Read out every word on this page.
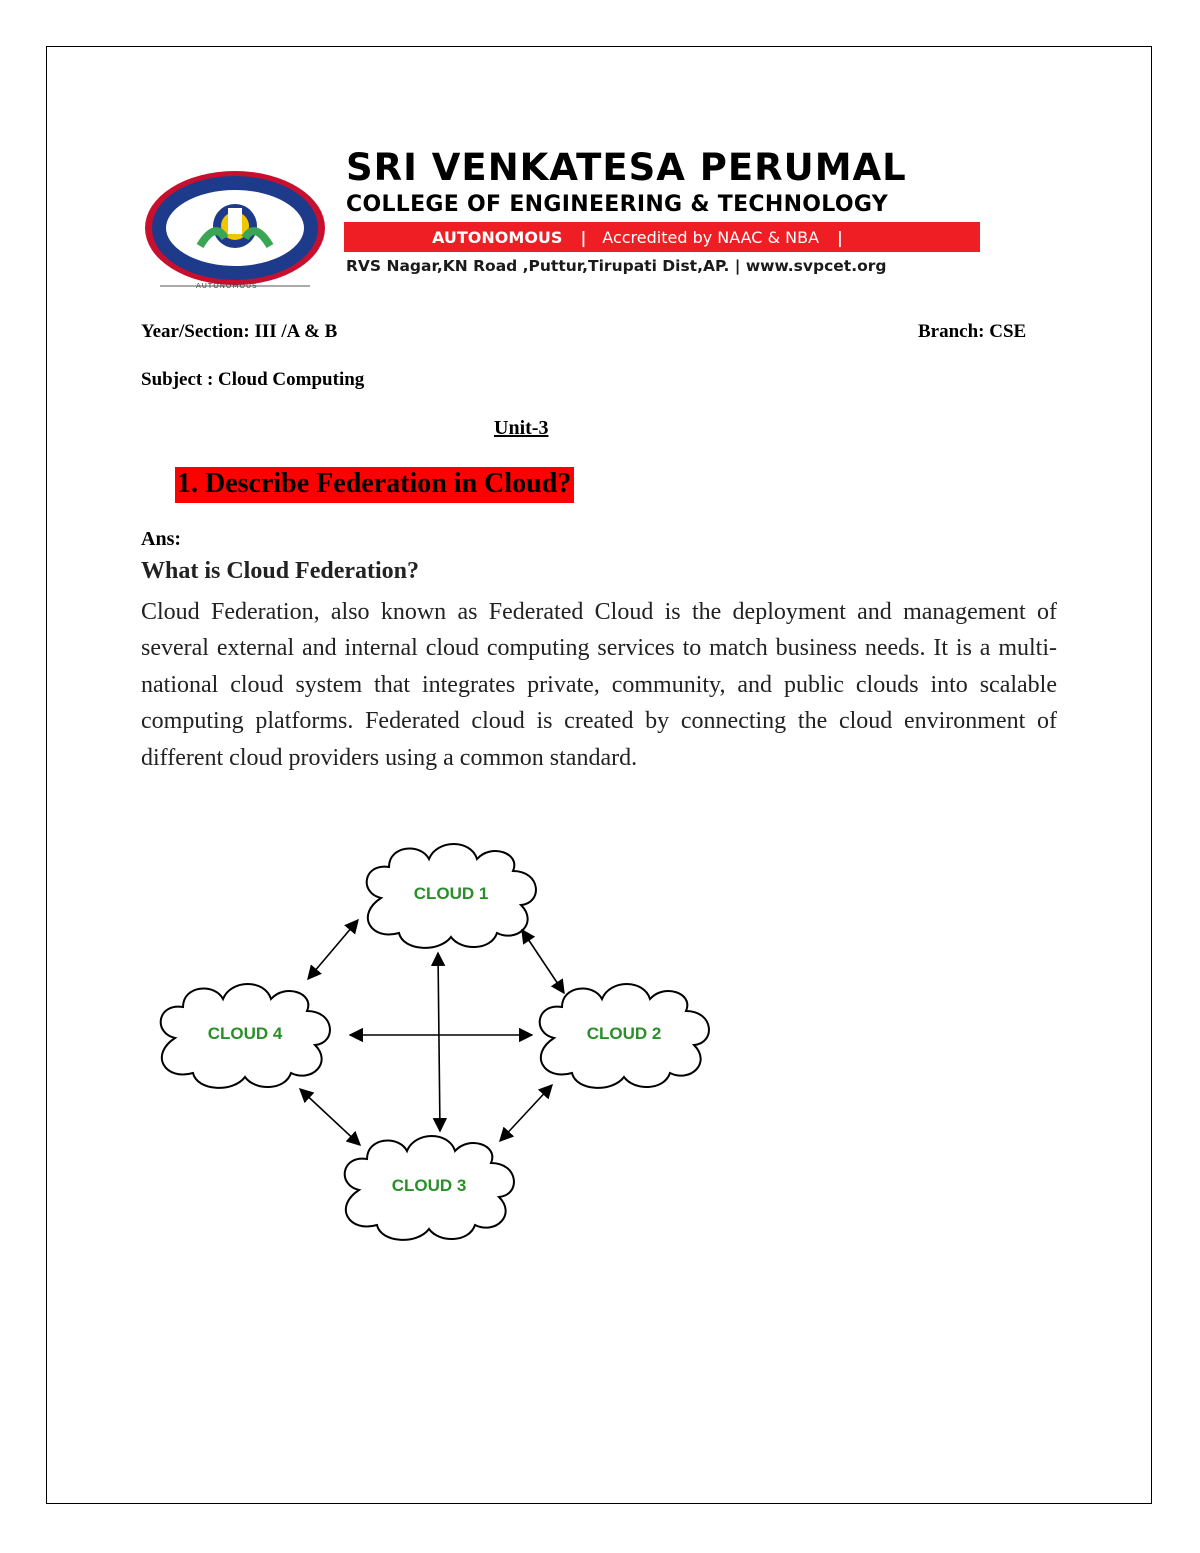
AUTONOMOUS
SRI VENKATESA PERUMAL
COLLEGE OF ENGINEERING & TECHNOLOGY
AUTONOMOUS | Accredited by NAAC & NBA |
RVS Nagar,KN Road ,Puttur,Tirupati Dist,AP. | www.svpcet.org
Year/Section: III /A & B	Branch: CSE
Subject : Cloud Computing
Unit-3
1. Describe Federation in Cloud?
Ans:
What is Cloud Federation?
Cloud Federation, also known as Federated Cloud is the deployment and management of several external and internal cloud computing services to match business needs. It is a multi-national cloud system that integrates private, community, and public clouds into scalable computing platforms. Federated cloud is created by connecting the cloud environment of different cloud providers using a common standard.
CLOUD 1
CLOUD 2
CLOUD 3
CLOUD 4
